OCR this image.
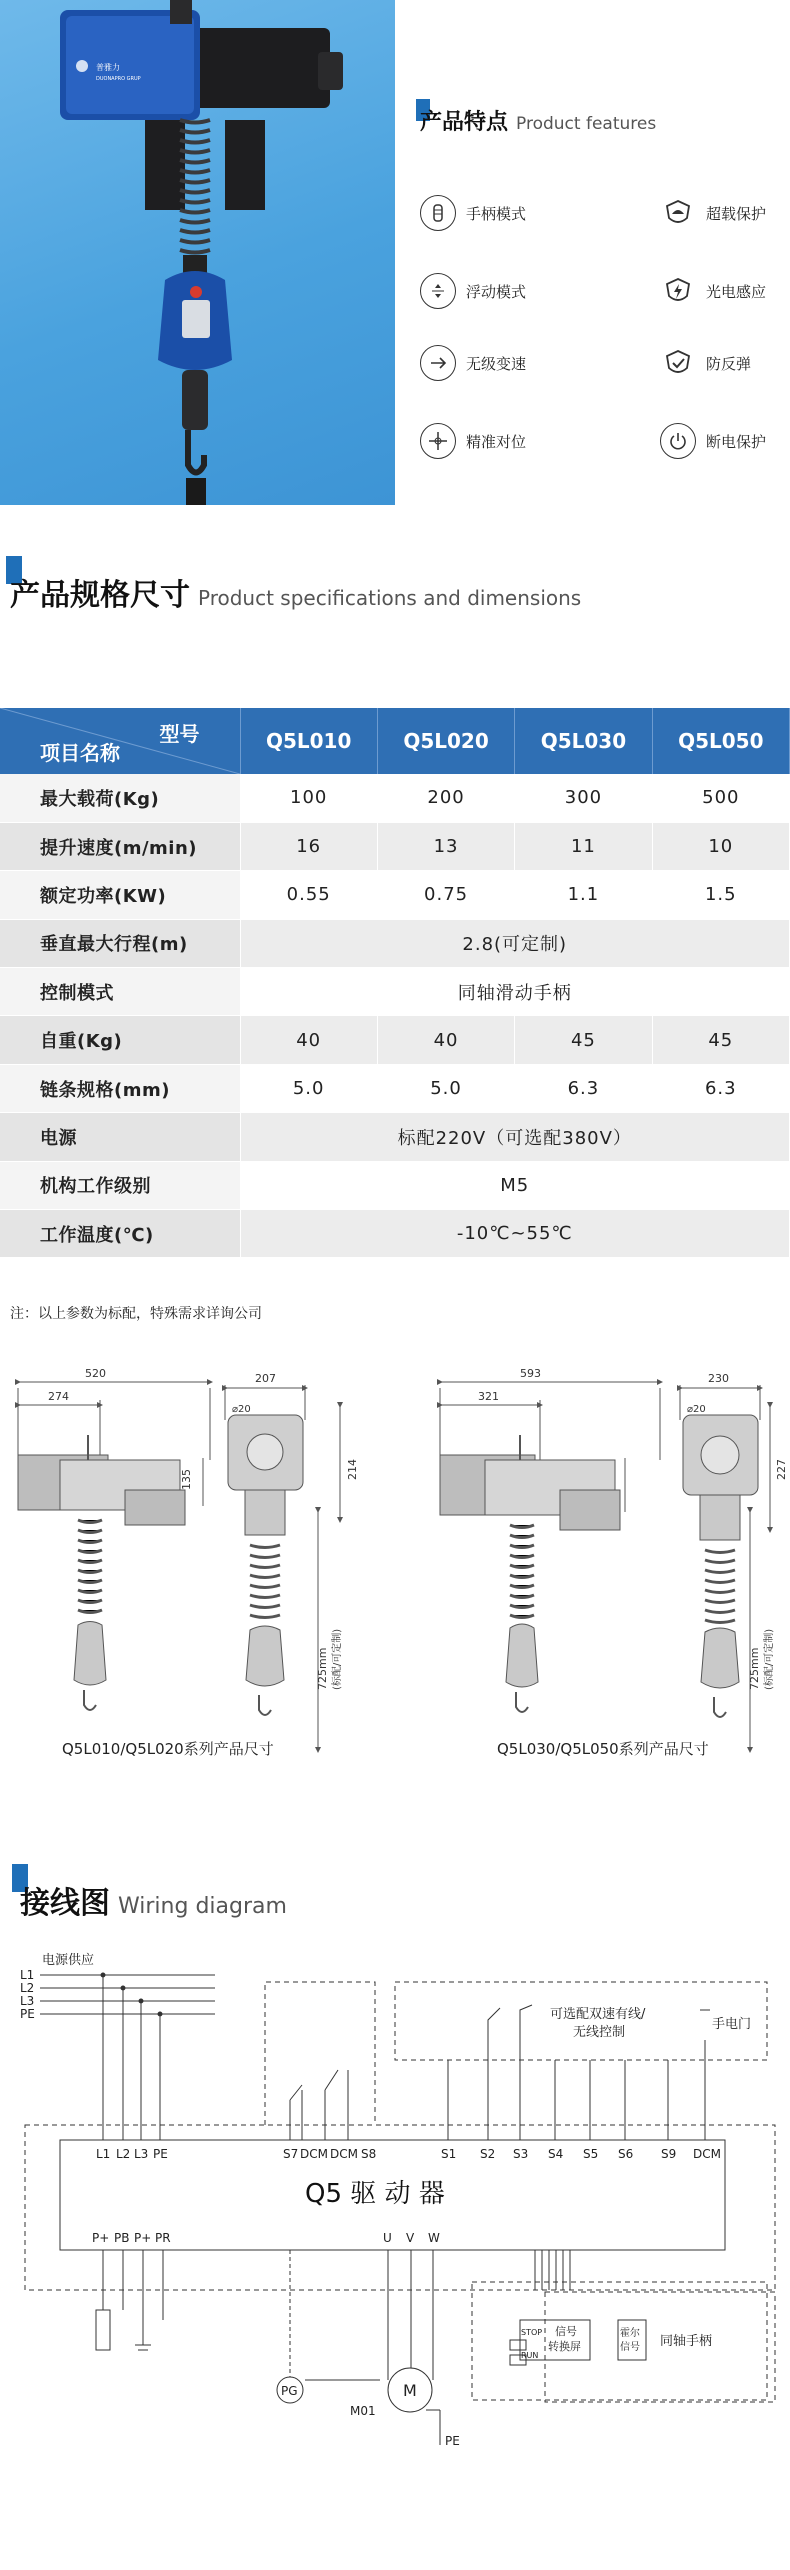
普雅力
DUONAPRO GRUP
产品特点 Product features
手柄模式	超载保护
浮动模式	光电感应
无级变速	防反弹
精准对位	断电保护
产品规格尺寸 Product specifications and dimensions
型号
项目名称	Q5L010	Q5L020	Q5L030	Q5L050
最大载荷(Kg)	100	200	300	500
提升速度(m/min)	16	13	11	10
额定功率(KW)	0.55	0.75	1.1	1.5
垂直最大行程(m)	2.8(可定制)			
控制模式	同轴滑动手柄			
自重(Kg)	40	40	45	45
链条规格(mm)	5.0	5.0	6.3	6.3
电源	标配220V（可选配380V）			
机构工作级别	M5			
工作温度(℃)	-10℃~55℃			
注：以上参数为标配，特殊需求详询公司
520
274
135
207
⌀20
214
725mm (标配/可定制)
593
321
230
⌀20
227
725mm (标配/可定制)
Q5L010/Q5L020系列产品尺寸	Q5L030/Q5L050系列产品尺寸
接线图 Wiring diagram
电源供应
L1
L2
L3
PE
L1 L2 L3 PE	S7 DCM DCM S8	S1 S2 S3 S4 S5 S6 S9 DCM
Q5 驱 动 器
P+ PB P+ PR	U V W
可选配双速有线/
无线控制
手电门
STOP
RUN
信号
转换屏
霍尔
信号 同轴手柄
PG	M
M01
PE
